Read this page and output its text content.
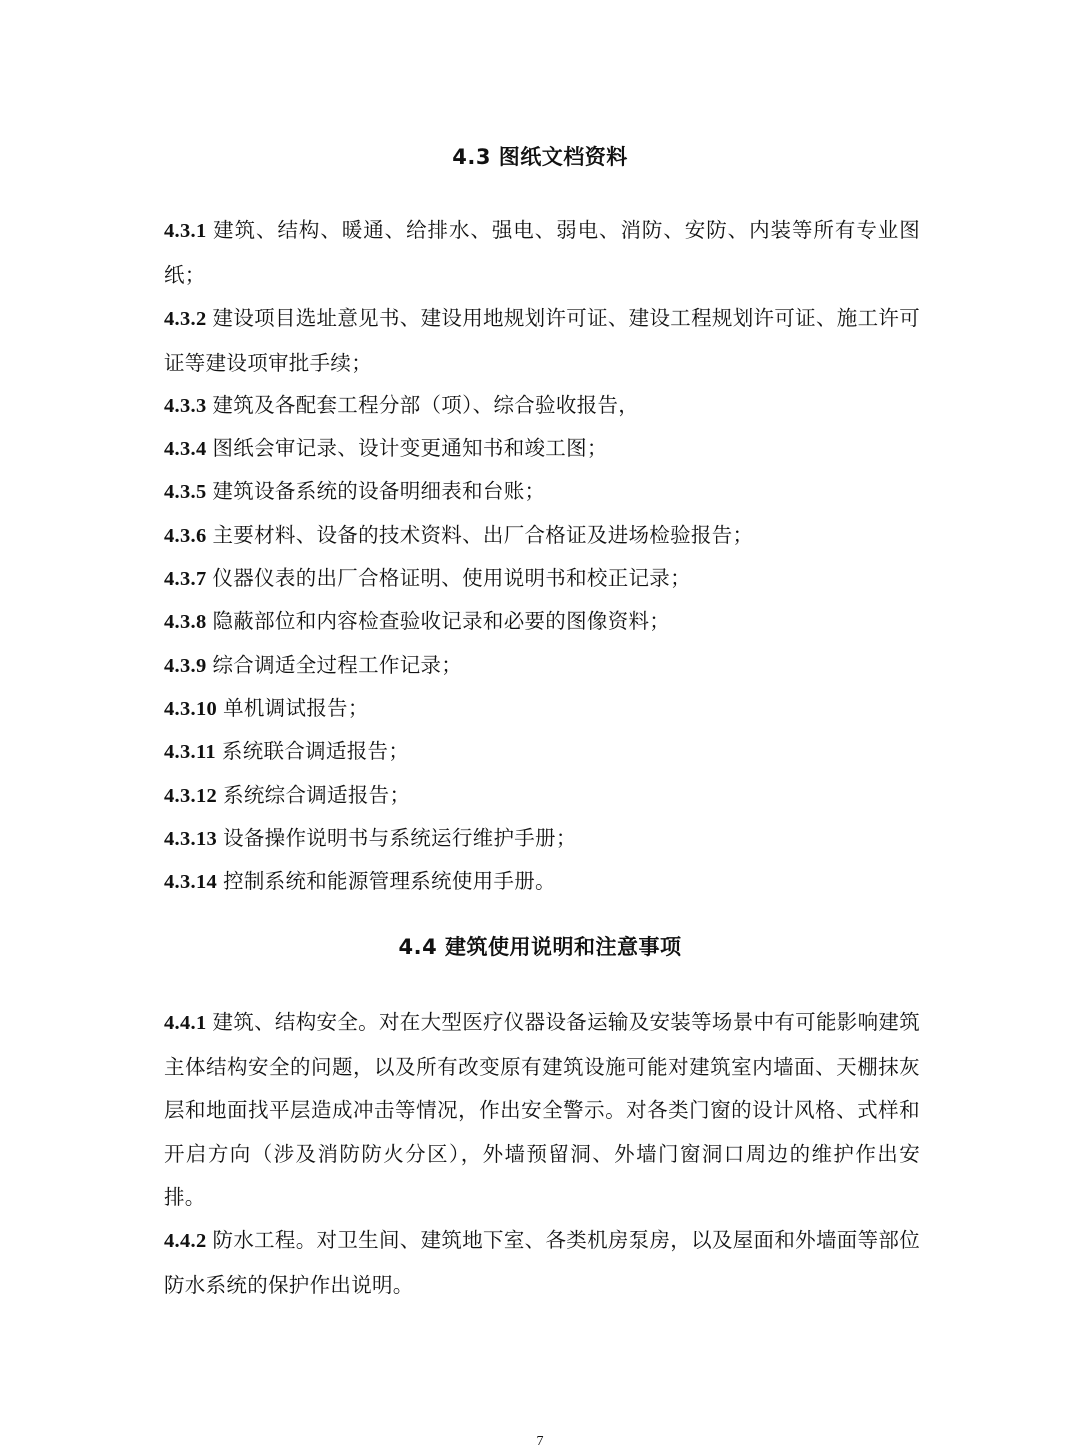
4.3 图纸文档资料
4.3.1 建筑、结构、暖通、给排水、强电、弱电、消防、安防、内装等所有专业图纸；
4.3.2 建设项目选址意见书、建设用地规划许可证、建设工程规划许可证、施工许可证等建设项审批手续；
4.3.3 建筑及各配套工程分部（项）、综合验收报告，
4.3.4 图纸会审记录、设计变更通知书和竣工图；
4.3.5 建筑设备系统的设备明细表和台账；
4.3.6 主要材料、设备的技术资料、出厂合格证及进场检验报告；
4.3.7 仪器仪表的出厂合格证明、使用说明书和校正记录；
4.3.8 隐蔽部位和内容检查验收记录和必要的图像资料；
4.3.9 综合调适全过程工作记录；
4.3.10 单机调试报告；
4.3.11 系统联合调适报告；
4.3.12 系统综合调适报告；
4.3.13 设备操作说明书与系统运行维护手册；
4.3.14 控制系统和能源管理系统使用手册。
4.4 建筑使用说明和注意事项
4.4.1 建筑、结构安全。对在大型医疗仪器设备运输及安装等场景中有可能影响建筑主体结构安全的问题，以及所有改变原有建筑设施可能对建筑室内墙面、天棚抹灰层和地面找平层造成冲击等情况，作出安全警示。对各类门窗的设计风格、式样和开启方向（涉及消防防火分区），外墙预留洞、外墙门窗洞口周边的维护作出安排。
4.4.2 防水工程。对卫生间、建筑地下室、各类机房泵房，以及屋面和外墙面等部位防水系统的保护作出说明。
7
